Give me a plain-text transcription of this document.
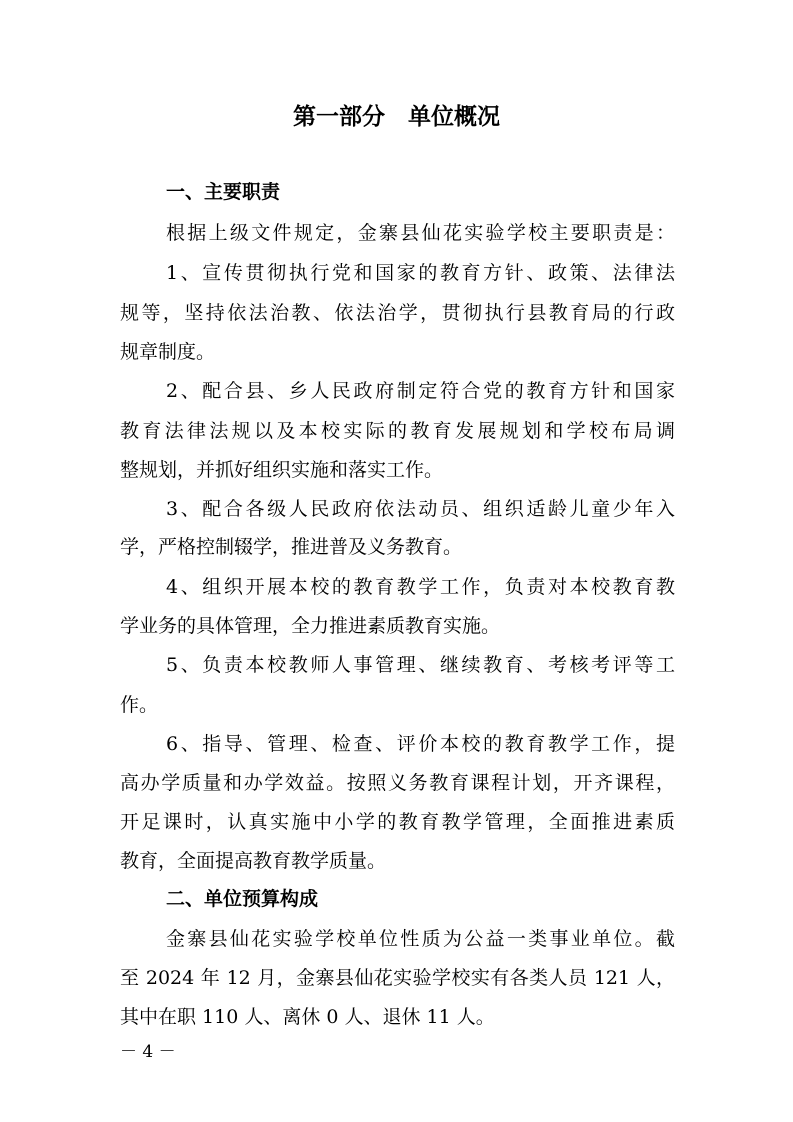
第一部分　单位概况
一、主要职责
根据上级文件规定，金寨县仙花实验学校主要职责是：
1、宣传贯彻执行党和国家的教育方针、政策、法律法
规等，坚持依法治教、依法治学，贯彻执行县教育局的行政
规章制度。
2、配合县、乡人民政府制定符合党的教育方针和国家
教育法律法规以及本校实际的教育发展规划和学校布局调
整规划，并抓好组织实施和落实工作。
3、配合各级人民政府依法动员、组织适龄儿童少年入
学，严格控制辍学，推进普及义务教育。
4、组织开展本校的教育教学工作，负责对本校教育教
学业务的具体管理，全力推进素质教育实施。
5、负责本校教师人事管理、继续教育、考核考评等工
作。
6、指导、管理、检查、评价本校的教育教学工作，提
高办学质量和办学效益。按照义务教育课程计划，开齐课程，
开足课时，认真实施中小学的教育教学管理，全面推进素质
教育，全面提高教育教学质量。
二、单位预算构成
金寨县仙花实验学校单位性质为公益一类事业单位。截
至 2024 年 12 月，金寨县仙花实验学校实有各类人员 121 人，
其中在职 110 人、离休 0 人、退休 11 人。
－ 4 －
